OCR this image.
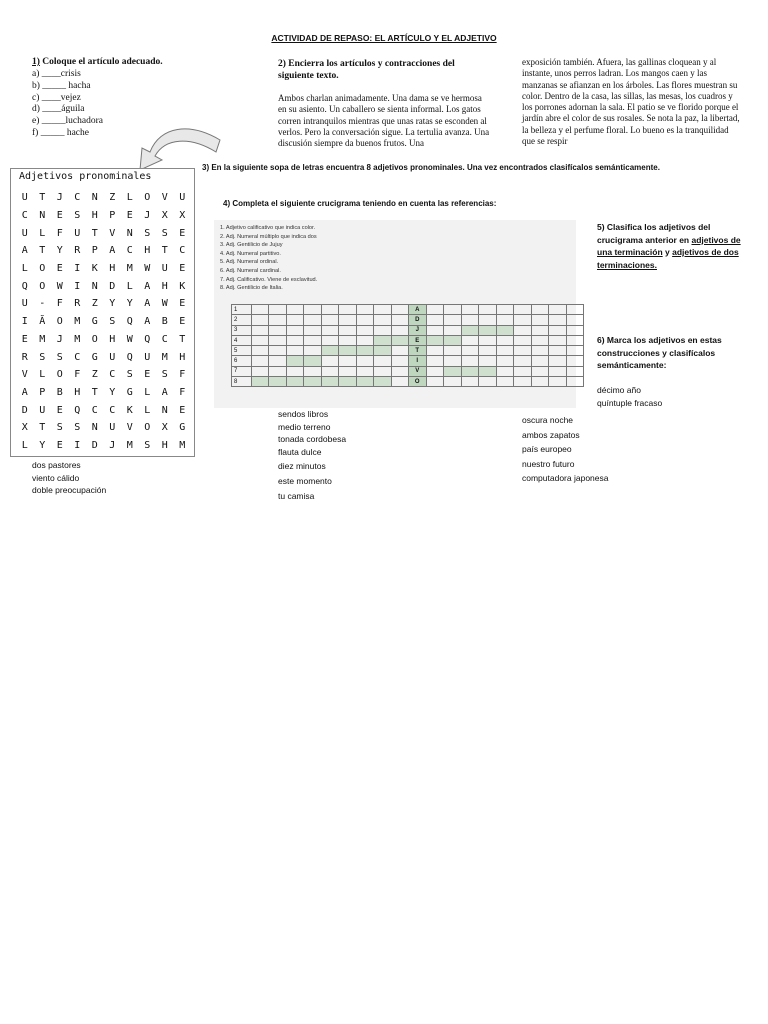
ACTIVIDAD DE REPASO: EL ARTÍCULO Y EL ADJETIVO
1) Coloque el artículo adecuado.
a) ____crisis
b) _____ hacha
c) ____vejez
d) ____águila
e) _____luchadora
f) _____ hache
2) Encierra los artículos y contracciones del siguiente texto.
Ambos charlan animadamente. Una dama se ve hermosa en su asiento. Un caballero se sienta informal. Los gatos corren intranquilos mientras que unas ratas se esconden al verlos. Pero la conversación sigue. La tertulia avanza. Una discusión siempre da buenos frutos. Una
exposición también. Afuera, las gallinas cloquean y al instante, unos perros ladran. Los mangos caen y las manzanas se afianzan en los árboles. Las flores muestran su color. Dentro de la casa, las sillas, las mesas, los cuadros y los porrones adornan la sala. El patio se ve florido porque el jardín abre el color de sus rosales. Se nota la paz, la libertad, la belleza y el perfume floral. Lo bueno es la tranquilidad que se respir
Adjetivos pronominales
U	T	J	C	N	Z	L	O	V	U
C	N	E	S	H	P	E	J	X	X
U	L	F	U	T	V	N	S	S	E
A	T	Y	R	P	A	C	H	T	C
L	O	E	I	K	H	M	W	U	E
Q	O	W	I	N	D	L	A	H	K
U	-	F	R	Z	Y	Y	A	W	E
I	Ă	O	M	G	S	Q	A	B	E
E	M	J	M	O	H	W	Q	C	T
R	S	S	C	G	U	Q	U	M	H
V	L	O	F	Z	C	S	E	S	F
A	P	B	H	T	Y	G	L	A	F
D	U	E	Q	C	C	K	L	N	E
X	T	S	S	N	U	V	O	X	G
L	Y	E	I	D	J	M	S	H	M
3) En la siguiente sopa de letras encuentra 8 adjetivos pronominales. Una vez encontrados clasifícalos semánticamente.
4) Completa el siguiente crucigrama teniendo en cuenta las referencias:
1. Adjetivo calificativo que indica color.
2. Adj. Numeral múltiplo que indica dos
3. Adj. Gentilicio de Jujuy
4. Adj. Numeral partitivo.
5. Adj. Numeral ordinal.
6. Adj. Numeral cardinal.
7. Adj. Calificativo. Viene de esclavitud.
8. Adj. Gentilicio de Italia.
1										A									
2										D									
3										J									
4										E									
5										T									
6										I									
7										V									
8										O									
5) Clasifica los adjetivos del crucigrama anterior en adjetivos de una terminación y adjetivos de dos terminaciones.
6) Marca los adjetivos en estas construcciones y clasifícalos semánticamente:
décimo año
quíntuple fracaso
oscura noche
ambos zapatos
país europeo
nuestro futuro
computadora japonesa
sendos libros
medio terreno
tonada cordobesa
flauta dulce
diez minutos
este momento
tu camisa
dos pastores
viento cálido
doble preocupación
